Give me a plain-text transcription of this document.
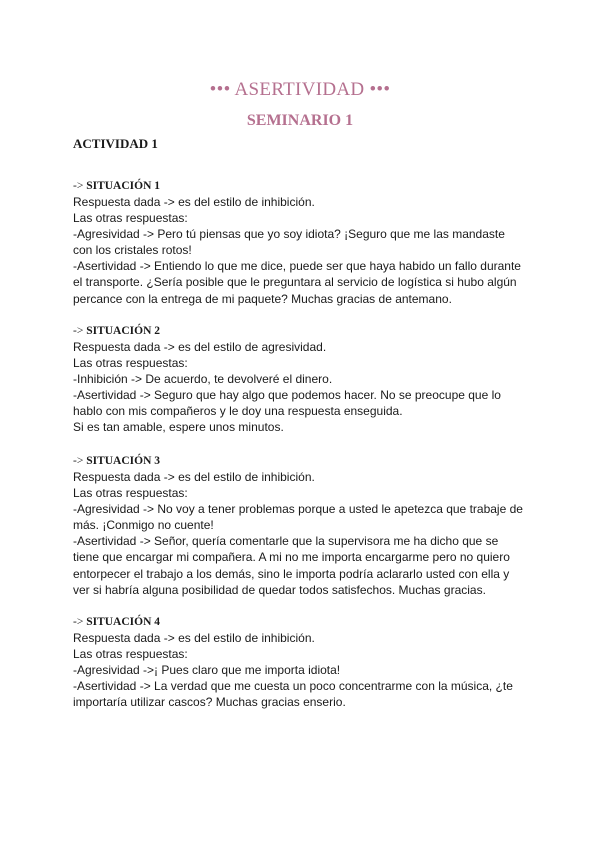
••• ASERTIVIDAD •••
SEMINARIO 1
ACTIVIDAD 1
-> SITUACIÓN 1
Respuesta dada -> es del estilo de inhibición.
Las otras respuestas:
-Agresividad -> Pero tú piensas que yo soy idiota? ¡Seguro que me las mandaste
con los cristales rotos!
-Asertividad -> Entiendo lo que me dice, puede ser que haya habido un fallo durante
el transporte. ¿Sería posible que le preguntara al servicio de logística si hubo algún
percance con la entrega de mi paquete? Muchas gracias de antemano.
-> SITUACIÓN 2
Respuesta dada -> es del estilo de agresividad.
Las otras respuestas:
-Inhibición -> De acuerdo, te devolveré el dinero.
-Asertividad -> Seguro que hay algo que podemos hacer. No se preocupe que lo
hablo con mis compañeros y le doy una respuesta enseguida.
Si es tan amable, espere unos minutos.
-> SITUACIÓN 3
Respuesta dada -> es del estilo de inhibición.
Las otras respuestas:
-Agresividad -> No voy a tener problemas porque a usted le apetezca que trabaje de
más. ¡Conmigo no cuente!
-Asertividad -> Señor, quería comentarle que la supervisora me ha dicho que se
tiene que encargar mi compañera. A mi no me importa encargarme pero no quiero
entorpecer el trabajo a los demás, sino le importa podría aclararlo usted con ella y
ver si habría alguna posibilidad de quedar todos satisfechos. Muchas gracias.
-> SITUACIÓN 4
Respuesta dada -> es del estilo de inhibición.
Las otras respuestas:
-Agresividad ->¡ Pues claro que me importa idiota!
-Asertividad -> La verdad que me cuesta un poco concentrarme con la música, ¿te
importaría utilizar cascos? Muchas gracias enserio.
